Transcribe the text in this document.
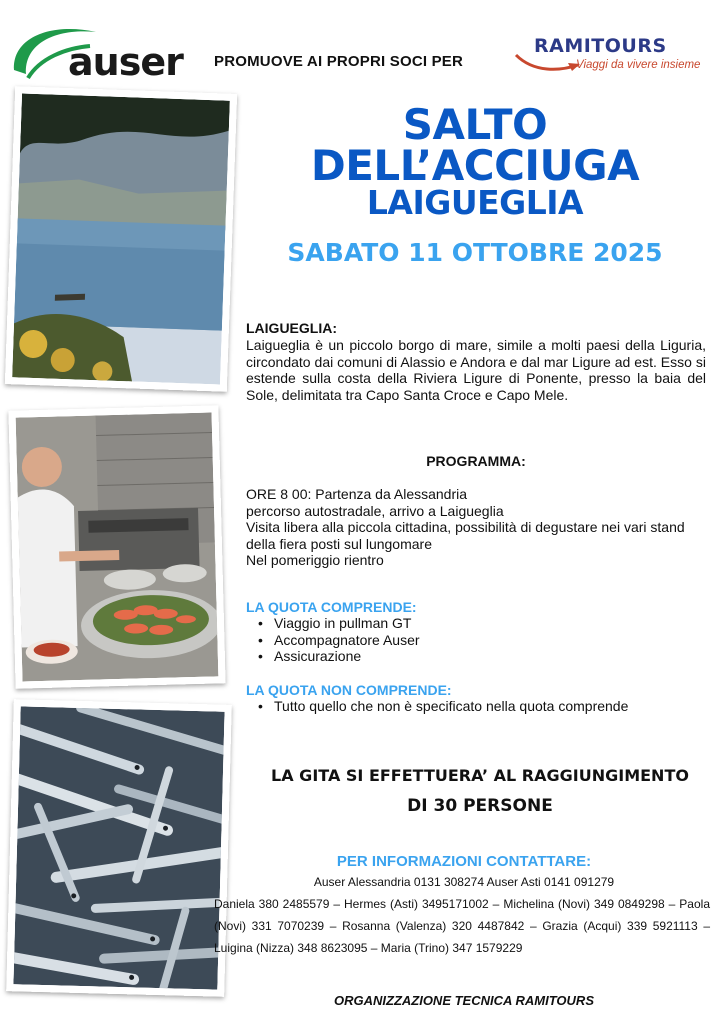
auser PROMUOVE AI PROPRI SOCI PER
RAMITOURS
Viaggi da vivere insieme
SALTO
DELL’ACCIUGA
LAIGUEGLIA
SABATO 11 OTTOBRE 2025
LAIGUEGLIA:
Laigueglia è un piccolo borgo di mare, simile a molti paesi della Liguria, circondato dai comuni di Alassio e Andora e dal mar Ligure ad est. Esso si estende sulla costa della Riviera Ligure di Ponente, presso la baia del Sole, delimitata tra Capo Santa Croce e Capo Mele.
PROGRAMMA:
ORE 8 00: Partenza da Alessandria
percorso autostradale, arrivo a Laigueglia
Visita libera alla piccola cittadina, possibilità di degustare nei vari stand della fiera posti sul lungomare
Nel pomeriggio rientro
LA QUOTA COMPRENDE:
• Viaggio in pullman GT
• Accompagnatore Auser
• Assicurazione
LA QUOTA NON COMPRENDE:
• Tutto quello che non è specificato nella quota comprende
LA GITA SI EFFETTUERA’ AL RAGGIUNGIMENTO
DI 30 PERSONE
PER INFORMAZIONI CONTATTARE:
Auser Alessandria 0131 308274 Auser Asti 0141 091279
Daniela 380 2485579 – Hermes (Asti) 3495171002 – Michelina (Novi) 349 0849298 – Paola (Novi) 331 7070239 – Rosanna (Valenza) 320 4487842 – Grazia (Acqui) 339 5921113 – Luigina (Nizza) 348 8623095 – Maria (Trino) 347 1579229
ORGANIZZAZIONE TECNICA RAMITOURS
